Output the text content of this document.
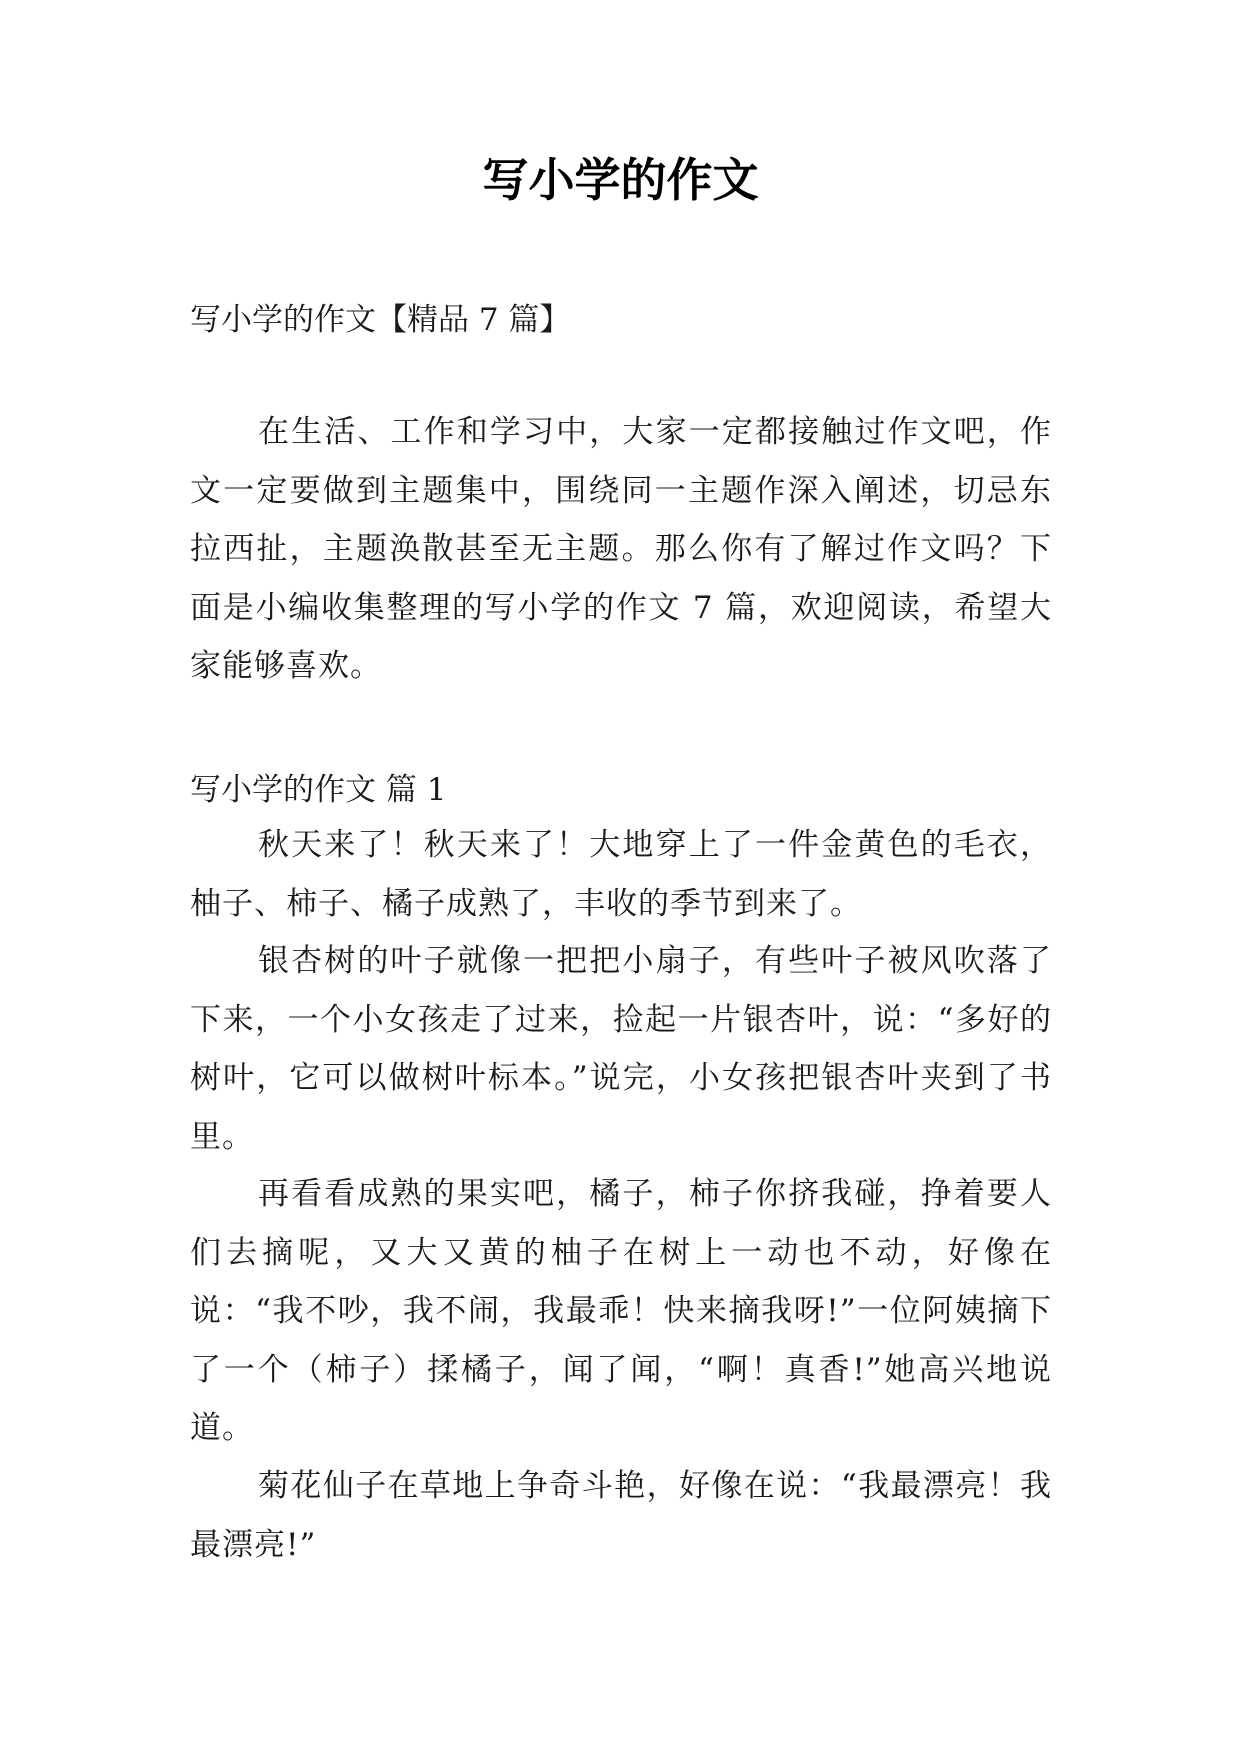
写小学的作文

写小学的作文【精品 7 篇】

在生活、工作和学习中，大家一定都接触过作文吧，作文一定要做到主题集中，围绕同一主题作深入阐述，切忌东拉西扯，主题涣散甚至无主题。那么你有了解过作文吗？下面是小编收集整理的写小学的作文 7 篇，欢迎阅读，希望大家能够喜欢。

写小学的作文 篇 1

秋天来了！秋天来了！大地穿上了一件金黄色的毛衣，柚子、柿子、橘子成熟了，丰收的季节到来了。

银杏树的叶子就像一把把小扇子，有些叶子被风吹落了下来，一个小女孩走了过来，捡起一片银杏叶，说：“多好的树叶，它可以做树叶标本。”说完，小女孩把银杏叶夹到了书里。

再看看成熟的果实吧，橘子，柿子你挤我碰，挣着要人们去摘呢，又大又黄的柚子在树上一动也不动，好像在说：“我不吵，我不闹，我最乖！快来摘我呀!”一位阿姨摘下了一个（柿子）揉橘子，闻了闻，“啊！真香!”她高兴地说道。

菊花仙子在草地上争奇斗艳，好像在说：“我最漂亮！我最漂亮!”
